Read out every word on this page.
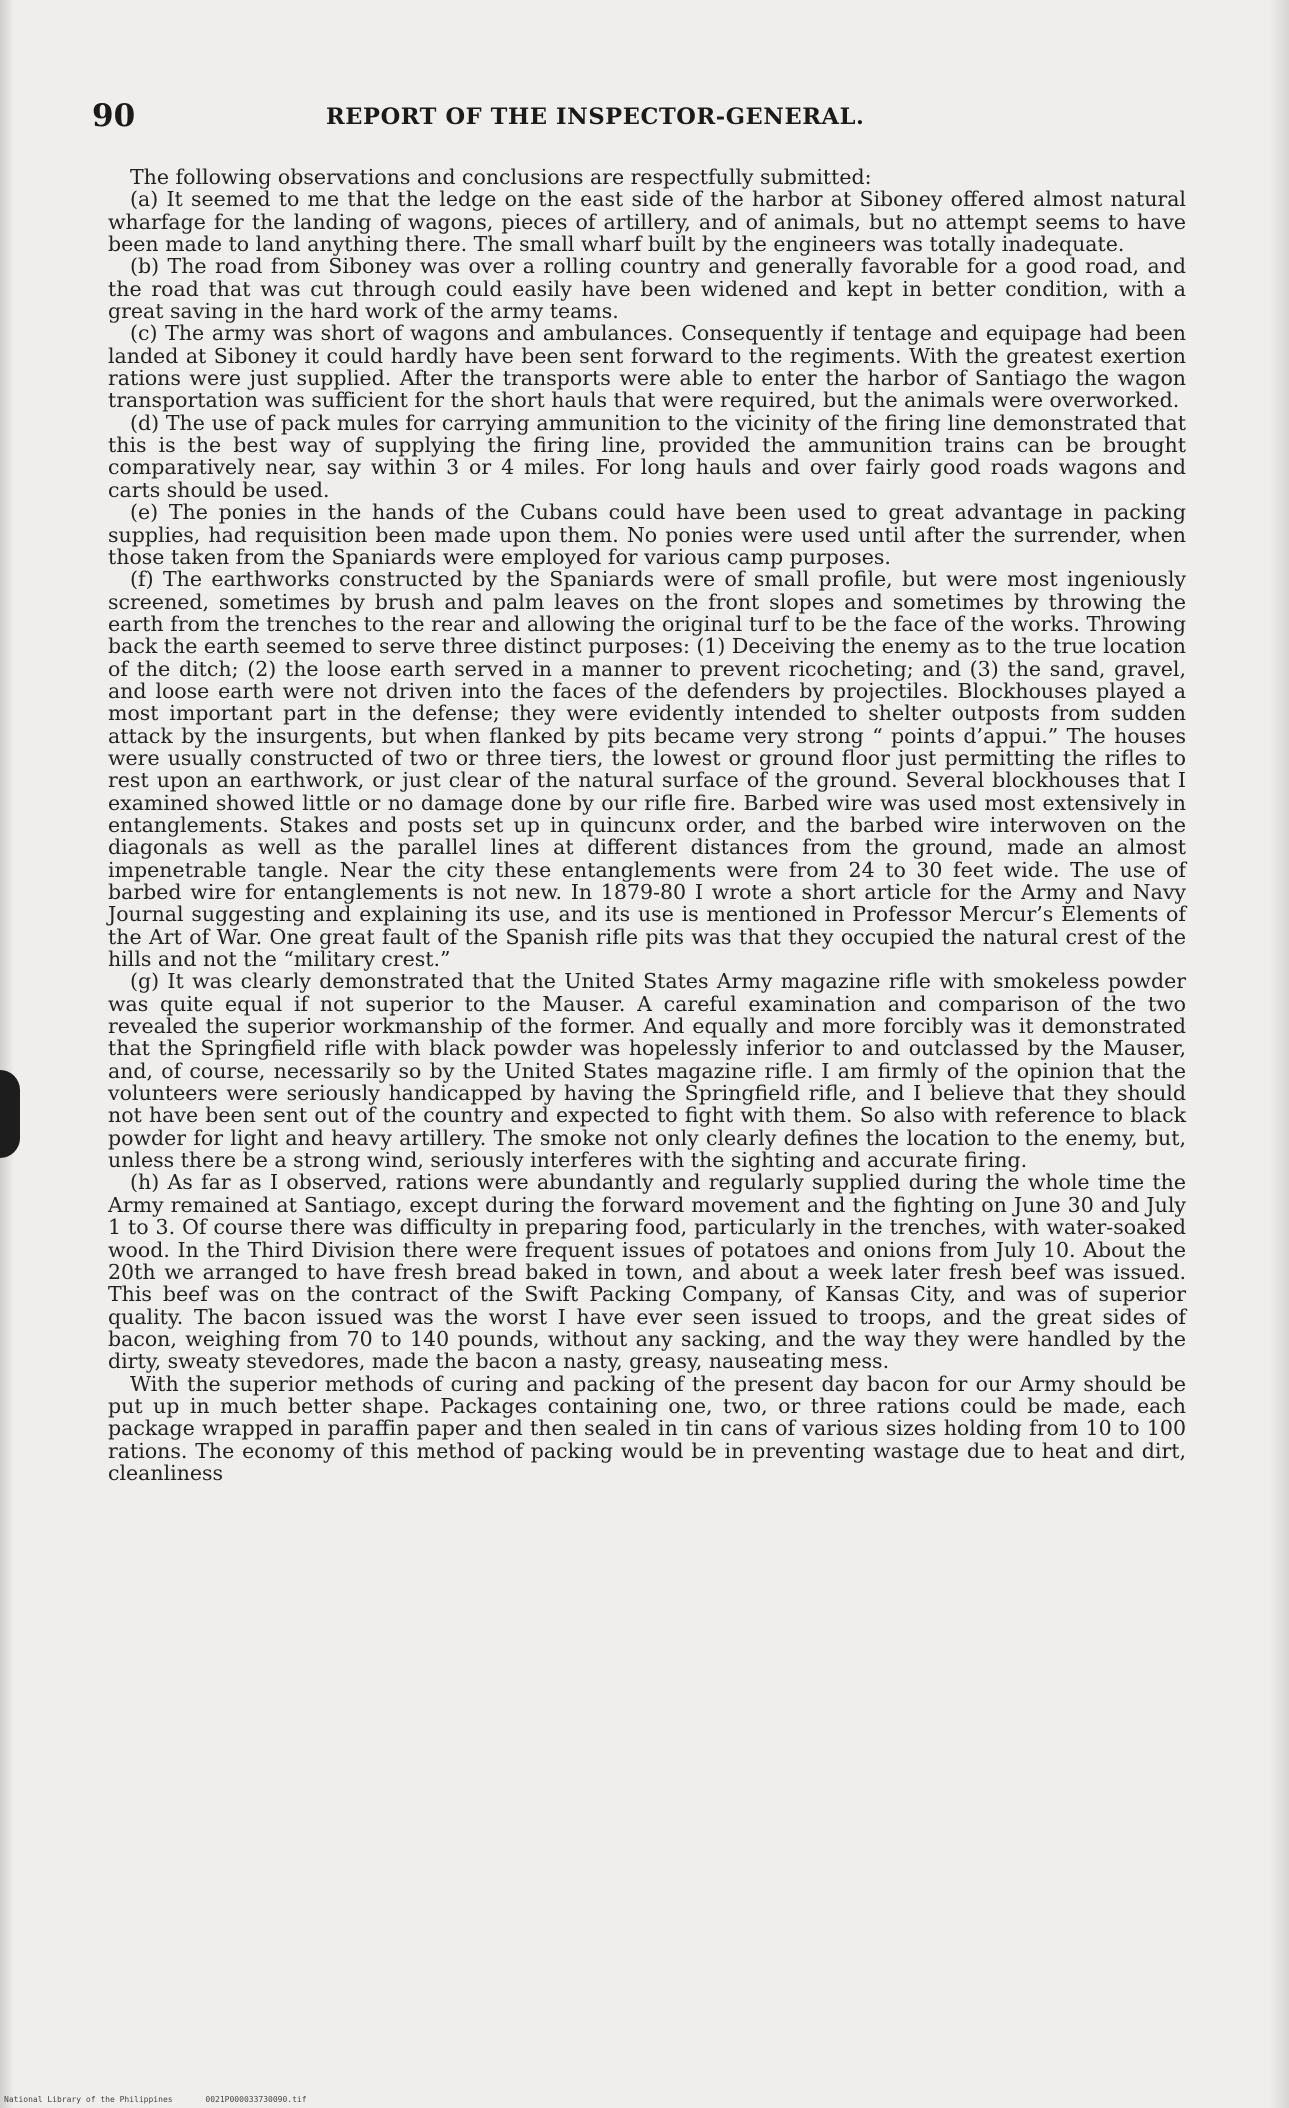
90	REPORT OF THE INSPECTOR-GENERAL.

The following observations and conclusions are respectfully submitted:

(a) It seemed to me that the ledge on the east side of the harbor at Siboney offered almost natural wharfage for the landing of wagons, pieces of artillery, and of animals, but no attempt seems to have been made to land anything there. The small wharf built by the engineers was totally inadequate.

(b) The road from Siboney was over a rolling country and generally favorable for a good road, and the road that was cut through could easily have been widened and kept in better condition, with a great saving in the hard work of the army teams.

(c) The army was short of wagons and ambulances. Consequently if tentage and equipage had been landed at Siboney it could hardly have been sent forward to the regiments. With the greatest exertion rations were just supplied. After the transports were able to enter the harbor of Santiago the wagon transportation was sufficient for the short hauls that were required, but the animals were overworked.

(d) The use of pack mules for carrying ammunition to the vicinity of the firing line demonstrated that this is the best way of supplying the firing line, provided the ammunition trains can be brought comparatively near, say within 3 or 4 miles. For long hauls and over fairly good roads wagons and carts should be used.

(e) The ponies in the hands of the Cubans could have been used to great advantage in packing supplies, had requisition been made upon them. No ponies were used until after the surrender, when those taken from the Spaniards were employed for various camp purposes.

(f) The earthworks constructed by the Spaniards were of small profile, but were most ingeniously screened, sometimes by brush and palm leaves on the front slopes and sometimes by throwing the earth from the trenches to the rear and allowing the original turf to be the face of the works. Throwing back the earth seemed to serve three distinct purposes: (1) Deceiving the enemy as to the true location of the ditch; (2) the loose earth served in a manner to prevent ricocheting; and (3) the sand, gravel, and loose earth were not driven into the faces of the defenders by projectiles. Blockhouses played a most important part in the defense; they were evidently intended to shelter outposts from sudden attack by the insurgents, but when flanked by pits became very strong “ points d’appui.” The houses were usually constructed of two or three tiers, the lowest or ground floor just permitting the rifles to rest upon an earthwork, or just clear of the natural surface of the ground. Several blockhouses that I examined showed little or no damage done by our rifle fire. Barbed wire was used most extensively in entanglements. Stakes and posts set up in quincunx order, and the barbed wire interwoven on the diagonals as well as the parallel lines at different distances from the ground, made an almost impenetrable tangle. Near the city these entanglements were from 24 to 30 feet wide. The use of barbed wire for entanglements is not new. In 1879-80 I wrote a short article for the Army and Navy Journal suggesting and explaining its use, and its use is mentioned in Professor Mercur’s Elements of the Art of War. One great fault of the Spanish rifle pits was that they occupied the natural crest of the hills and not the “military crest.”

(g) It was clearly demonstrated that the United States Army magazine rifle with smokeless powder was quite equal if not superior to the Mauser. A careful examination and comparison of the two revealed the superior workmanship of the former. And equally and more forcibly was it demonstrated that the Springfield rifle with black powder was hopelessly inferior to and outclassed by the Mauser, and, of course, necessarily so by the United States magazine rifle. I am firmly of the opinion that the volunteers were seriously handicapped by having the Springfield rifle, and I believe that they should not have been sent out of the country and expected to fight with them. So also with reference to black powder for light and heavy artillery. The smoke not only clearly defines the location to the enemy, but, unless there be a strong wind, seriously interferes with the sighting and accurate firing.

(h) As far as I observed, rations were abundantly and regularly supplied during the whole time the Army remained at Santiago, except during the forward movement and the fighting on June 30 and July 1 to 3. Of course there was difficulty in preparing food, particularly in the trenches, with water-soaked wood. In the Third Division there were frequent issues of potatoes and onions from July 10. About the 20th we arranged to have fresh bread baked in town, and about a week later fresh beef was issued. This beef was on the contract of the Swift Packing Company, of Kansas City, and was of superior quality. The bacon issued was the worst I have ever seen issued to troops, and the great sides of bacon, weighing from 70 to 140 pounds, without any sacking, and the way they were handled by the dirty, sweaty stevedores, made the bacon a nasty, greasy, nauseating mess.

With the superior methods of curing and packing of the present day bacon for our Army should be put up in much better shape. Packages containing one, two, or three rations could be made, each package wrapped in paraffin paper and then sealed in tin cans of various sizes holding from 10 to 100 rations. The economy of this method of packing would be in preventing wastage due to heat and dirt, cleanliness

National Library of the Philippines	0021P000033730090.tif
